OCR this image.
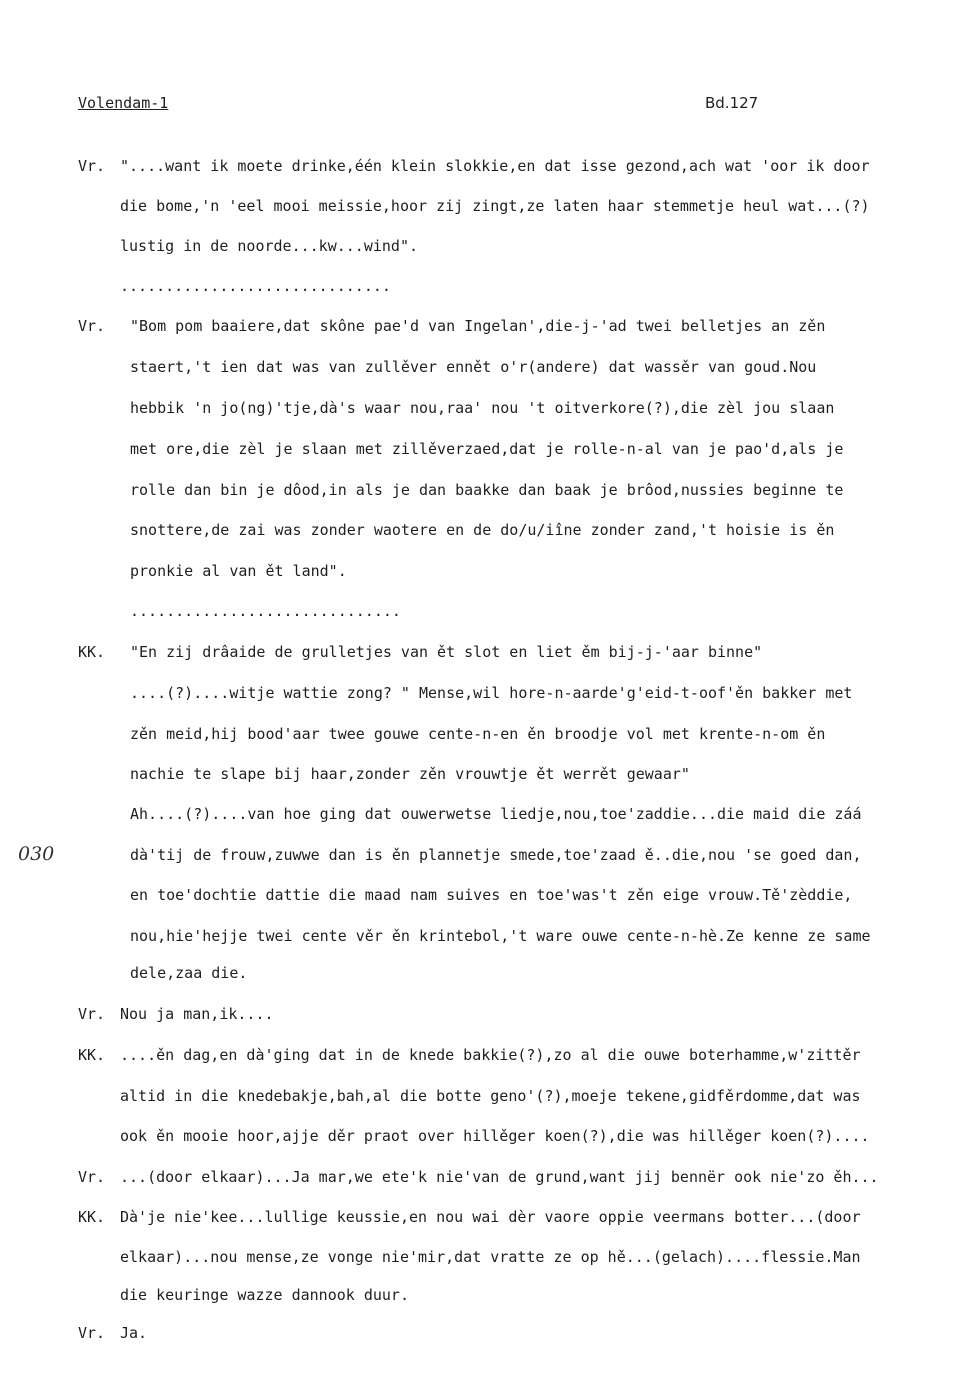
Volendam-1	Bd.127
030
Vr. "....want ik moete drinke,één klein slokkie,en dat isse gezond,ach wat 'oor ik door
die bome,'n 'eel mooi meissie,hoor zij zingt,ze laten haar stemmetje heul wat...(?)
lustig in de noorde...kw...wind".
..............................
Vr. "Bom pom baaiere,dat skône pae'd van Ingelan',die-j-'ad twei belletjes an zěn
staert,'t ien dat was van zullěver ennět o'r(andere) dat wassěr van goud.Nou
hebbik 'n jo(ng)'tje,dà's waar nou,raa' nou 't oitverkore(?),die zèl jou slaan
met ore,die zèl je slaan met zillěverzaed,dat je rolle-n-al van je pao'd,als je
rolle dan bin je dôod,in als je dan baakke dan baak je brôod,nussies beginne te
snottere,de zai was zonder waotere en de do/u/iîne zonder zand,'t hoisie is ěn
pronkie al van ět land".
..............................
KK. "En zij drâaide de grulletjes van ět slot en liet ěm bij-j-'aar binne"
....(?)....witje wattie zong? " Mense,wil hore-n-aarde'g'eid-t-oof'ěn bakker met
zěn meid,hij bood'aar twee gouwe cente-n-en ěn broodje vol met krente-n-om ěn
nachie te slape bij haar,zonder zěn vrouwtje ět werrět gewaar"
Ah....(?)....van hoe ging dat ouwerwetse liedje,nou,toe'zaddie...die maid die záá
dà'tij de frouw,zuwwe dan is ěn plannetje smede,toe'zaad ě..die,nou 'se goed dan,
en toe'dochtie dattie die maad nam suives en toe'was't zěn eige vrouw.Tě'zèddie,
nou,hie'hejje twei cente věr ěn krintebol,'t ware ouwe cente-n-hè.Ze kenne ze same
dele,zaa die.
Vr. Nou ja man,ik....
KK. ....ěn dag,en dà'ging dat in de knede bakkie(?),zo al die ouwe boterhamme,w'zittěr
altid in die knedebakje,bah,al die botte geno'(?),moeje tekene,gidfěrdomme,dat was
ook ěn mooie hoor,ajje děr praot over hillěger koen(?),die was hillěger koen(?)....
Vr. ...(door elkaar)...Ja mar,we ete'k nie'van de grund,want jij bennër ook nie'zo ěh...
KK. Dà'je nie'kee...lullige keussie,en nou wai dèr vaore oppie veermans botter...(door
elkaar)...nou mense,ze vonge nie'mir,dat vratte ze op hě...(gelach)....flessie.Man
die keuringe wazze dannook duur.
Vr. Ja.
